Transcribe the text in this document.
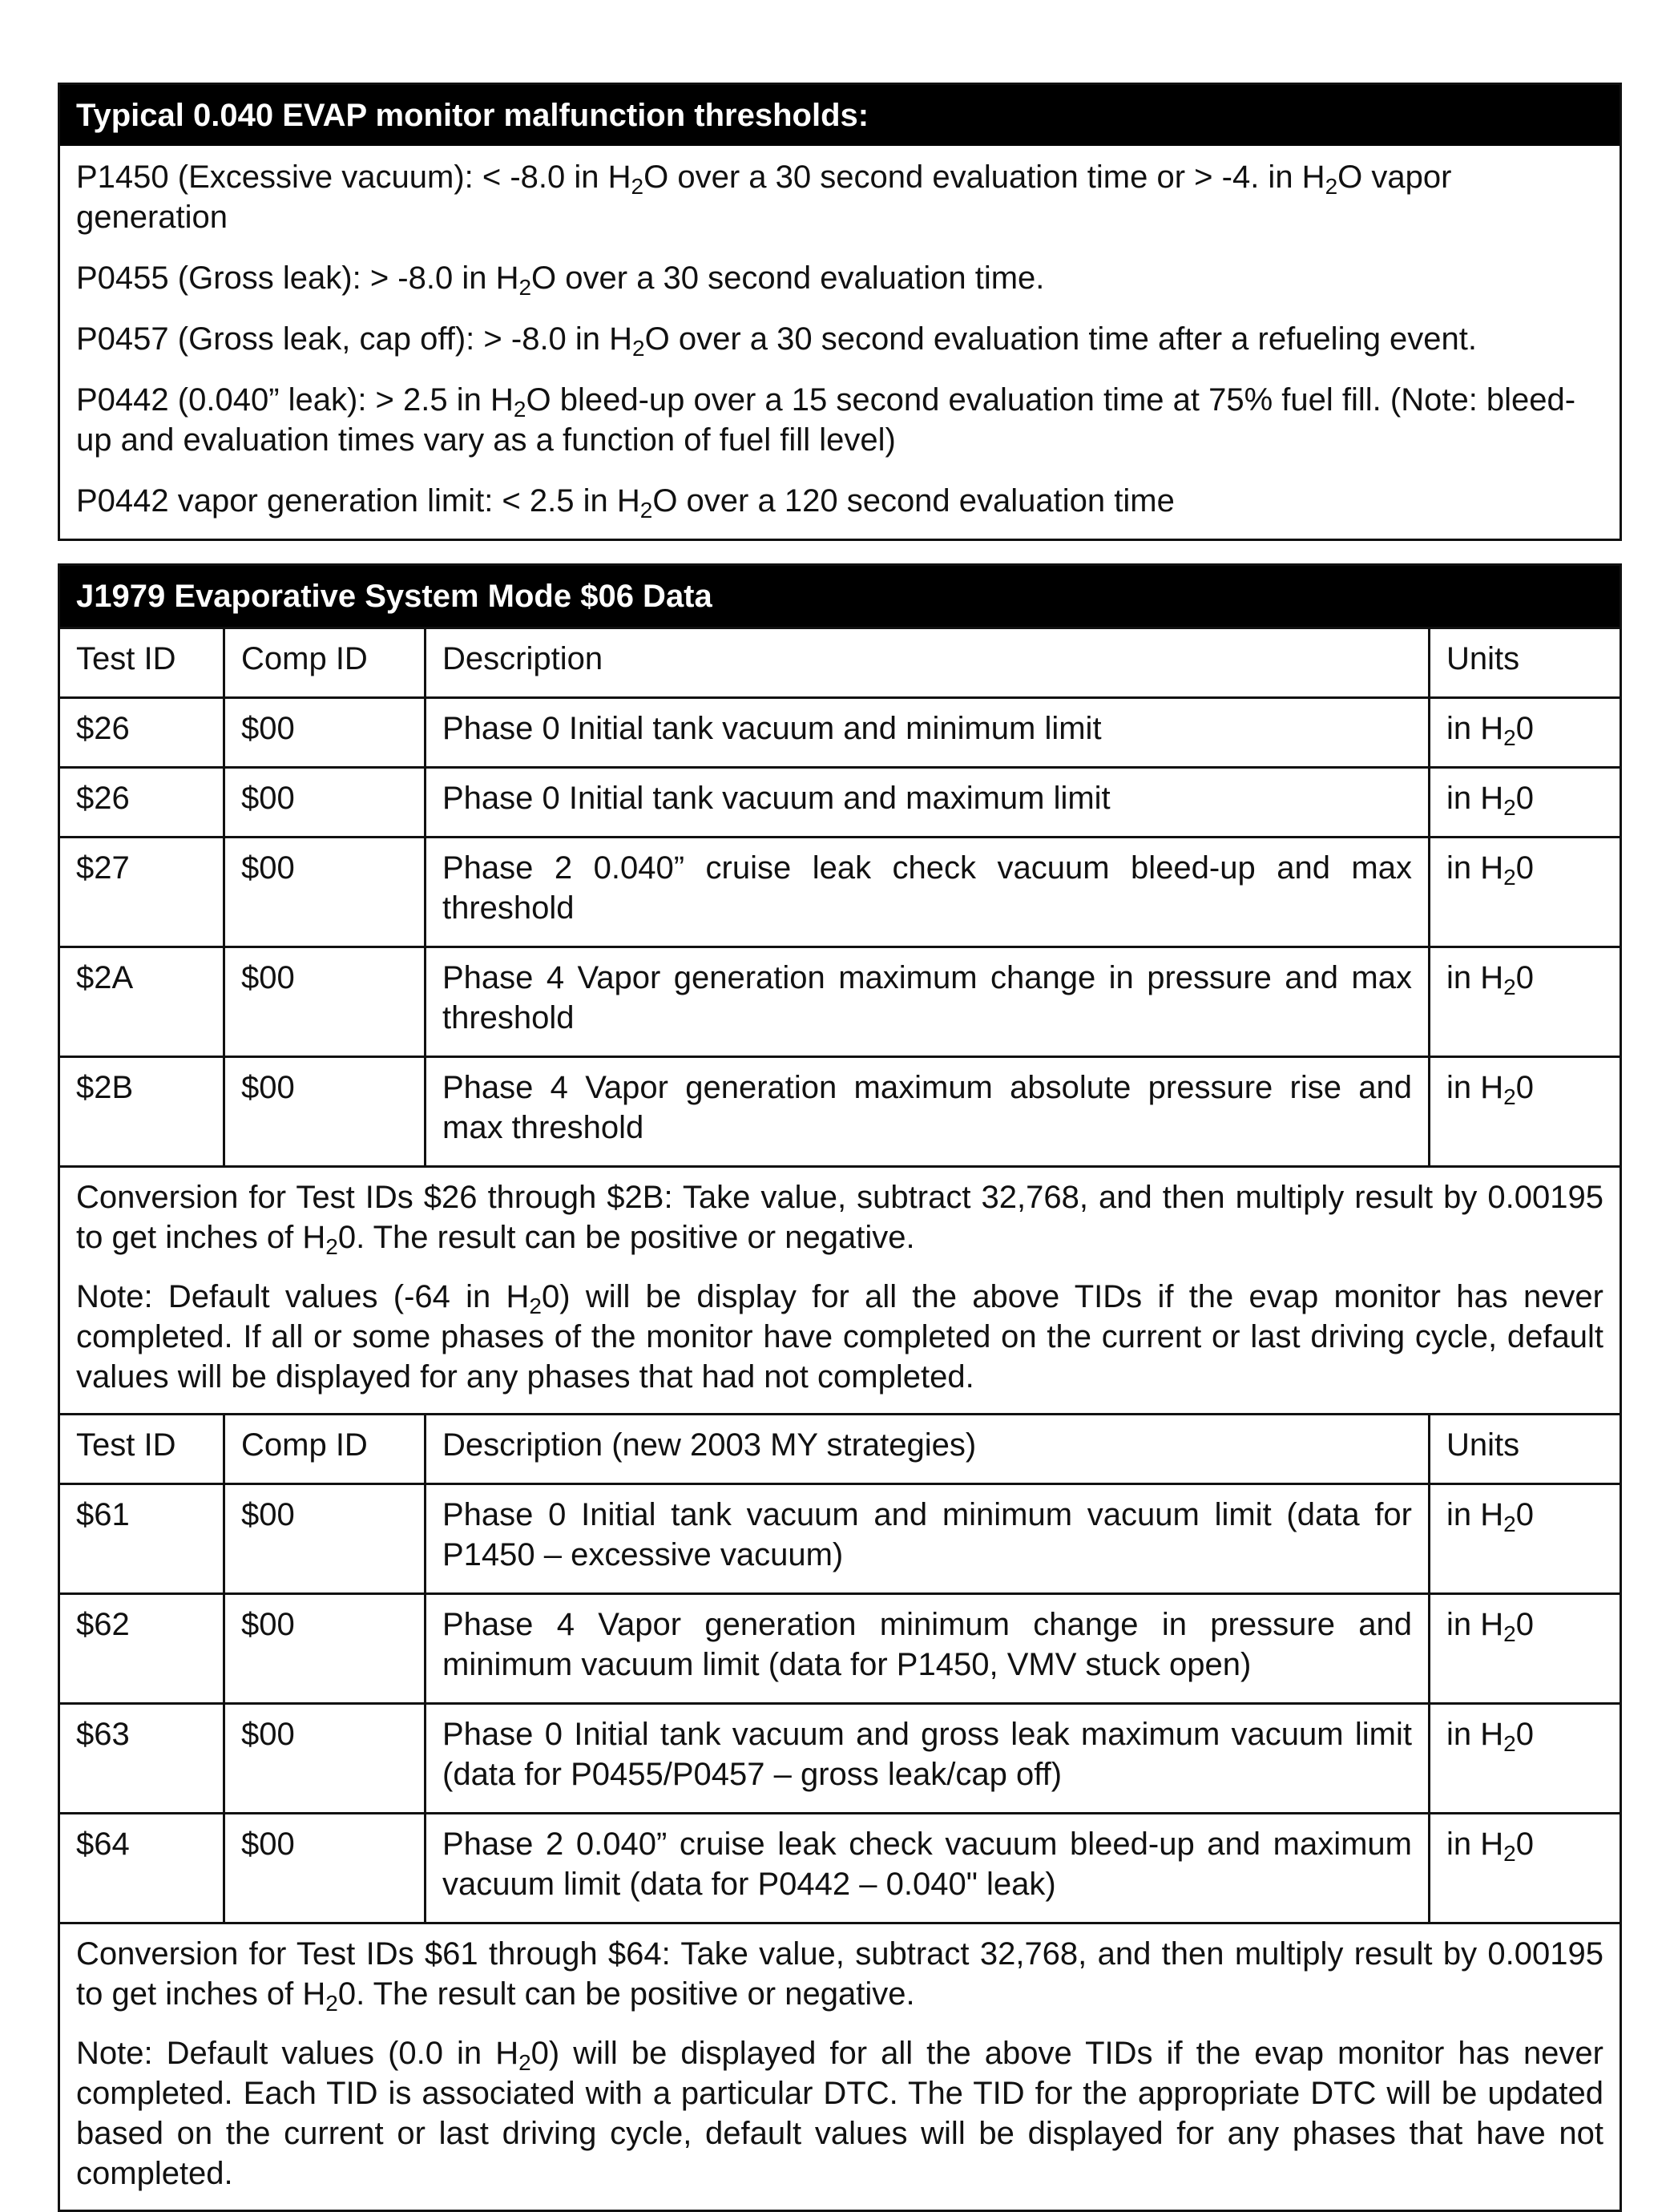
Typical 0.040 EVAP monitor malfunction thresholds:

P1450 (Excessive vacuum): < -8.0 in $H_2O$ over a 30 second evaluation time or > -4. in $H_2O$ vapor generation

P0455 (Gross leak): > -8.0 in $H_2O$ over a 30 second evaluation time.

P0457 (Gross leak, cap off): > -8.0 in $H_2O$ over a 30 second evaluation time after a refueling event.

P0442 (0.040” leak): > 2.5 in $H_2O$ bleed-up over a 15 second evaluation time at 75% fuel fill. (Note: bleed-up and evaluation times vary as a function of fuel fill level)

P0442 vapor generation limit: < 2.5 in $H_2O$ over a 120 second evaluation time

J1979 Evaporative System Mode $06 Data
Test ID	Comp ID	Description	Units
$26	$00	Phase 0 Initial tank vacuum and minimum limit	in $H_20$
$26	$00	Phase 0 Initial tank vacuum and maximum limit	in $H_20$
$27	$00	Phase 2 0.040” cruise leak check vacuum bleed-up and max threshold	in $H_20$
$2A	$00	Phase 4 Vapor generation maximum change in pressure and max threshold	in $H_20$
$2B	$00	Phase 4 Vapor generation maximum absolute pressure rise and max threshold	in $H_20$

Conversion for Test IDs $26 through $2B: Take value, subtract 32,768, and then multiply result by 0.00195 to get inches of $H_20$. The result can be positive or negative.

Note: Default values (-64 in $H_20$) will be display for all the above TIDs if the evap monitor has never completed. If all or some phases of the monitor have completed on the current or last driving cycle, default values will be displayed for any phases that had not completed.			

Test ID	Comp ID	Description (new 2003 MY strategies)	Units
$61	$00	Phase 0 Initial tank vacuum and minimum vacuum limit (data for P1450 – excessive vacuum)	in $H_20$
$62	$00	Phase 4 Vapor generation minimum change in pressure and minimum vacuum limit (data for P1450, VMV stuck open)	in $H_20$
$63	$00	Phase 0 Initial tank vacuum and gross leak maximum vacuum limit (data for P0455/P0457 – gross leak/cap off)	in $H_20$
$64	$00	Phase 2 0.040” cruise leak check vacuum bleed-up and maximum vacuum limit (data for P0442 – 0.040" leak)	in $H_20$

Conversion for Test IDs $61 through $64: Take value, subtract 32,768, and then multiply result by 0.00195 to get inches of $H_20$. The result can be positive or negative.

Note: Default values (0.0 in $H_20$) will be displayed for all the above TIDs if the evap monitor has never completed. Each TID is associated with a particular DTC. The TID for the appropriate DTC will be updated based on the current or last driving cycle, default values will be displayed for any phases that have not completed.			
